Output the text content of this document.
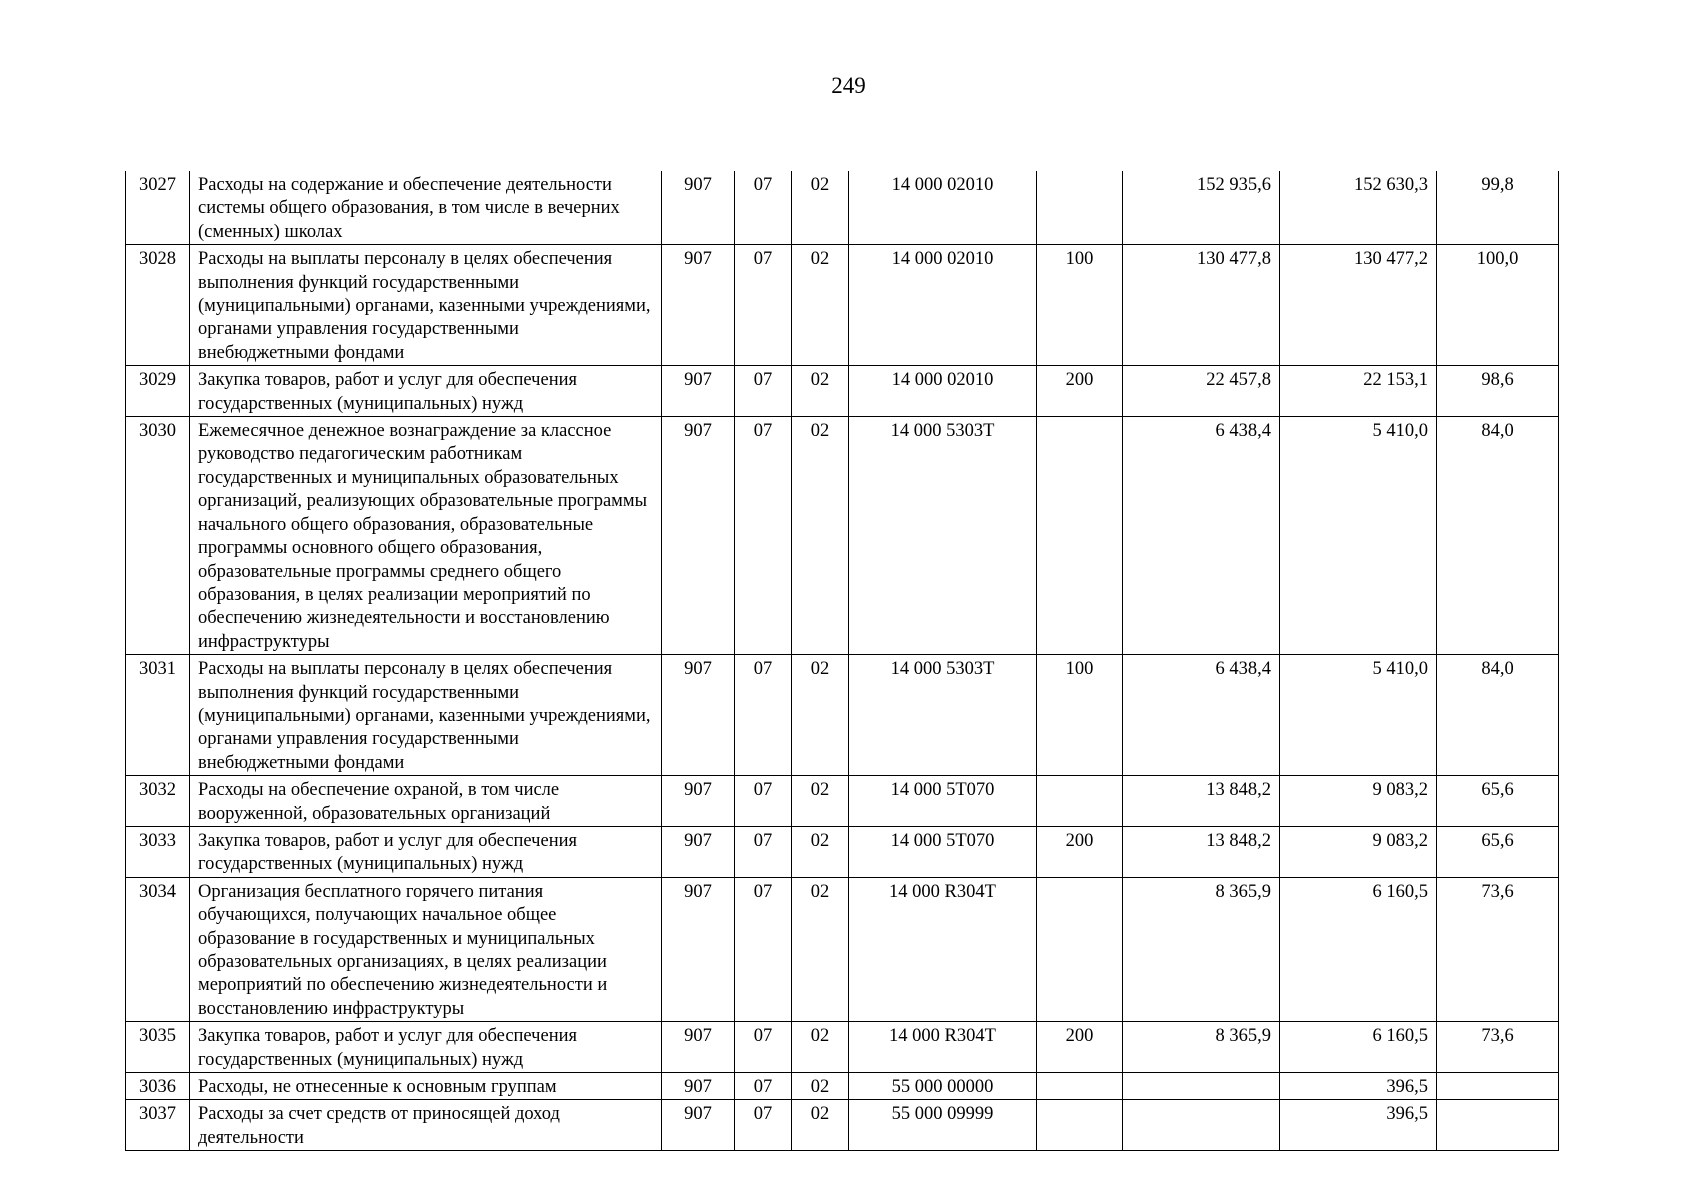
249
3027	Расходы на содержание и обеспечение деятельности системы общего образования, в том числе в вечерних (сменных) школах	907	07	02	14 000 02010		152 935,6	152 630,3	99,8
3028	Расходы на выплаты персоналу в целях обеспечения выполнения функций государственными (муниципальными) органами, казенными учреждениями, органами управления государственными внебюджетными фондами	907	07	02	14 000 02010	100	130 477,8	130 477,2	100,0
3029	Закупка товаров, работ и услуг для обеспечения государственных (муниципальных) нужд	907	07	02	14 000 02010	200	22 457,8	22 153,1	98,6
3030	Ежемесячное денежное вознаграждение за классное руководство педагогическим работникам государственных и муниципальных образовательных организаций, реализующих образовательные программы начального общего образования, образовательные программы основного общего образования, образовательные программы среднего общего образования, в целях реализации мероприятий по обеспечению жизнедеятельности и восстановлению инфраструктуры	907	07	02	14 000 5303Т		6 438,4	5 410,0	84,0
3031	Расходы на выплаты персоналу в целях обеспечения выполнения функций государственными (муниципальными) органами, казенными учреждениями, органами управления государственными внебюджетными фондами	907	07	02	14 000 5303Т	100	6 438,4	5 410,0	84,0
3032	Расходы на обеспечение охраной, в том числе вооруженной, образовательных организаций	907	07	02	14 000 5Т070		13 848,2	9 083,2	65,6
3033	Закупка товаров, работ и услуг для обеспечения государственных (муниципальных) нужд	907	07	02	14 000 5Т070	200	13 848,2	9 083,2	65,6
3034	Организация бесплатного горячего питания обучающихся, получающих начальное общее образование в государственных и муниципальных образовательных организациях, в целях реализации мероприятий по обеспечению жизнедеятельности и восстановлению инфраструктуры	907	07	02	14 000 R304Т		8 365,9	6 160,5	73,6
3035	Закупка товаров, работ и услуг для обеспечения государственных (муниципальных) нужд	907	07	02	14 000 R304Т	200	8 365,9	6 160,5	73,6
3036	Расходы, не отнесенные к основным группам	907	07	02	55 000 00000			396,5	
3037	Расходы за счет средств от приносящей доход деятельности	907	07	02	55 000 09999			396,5	
